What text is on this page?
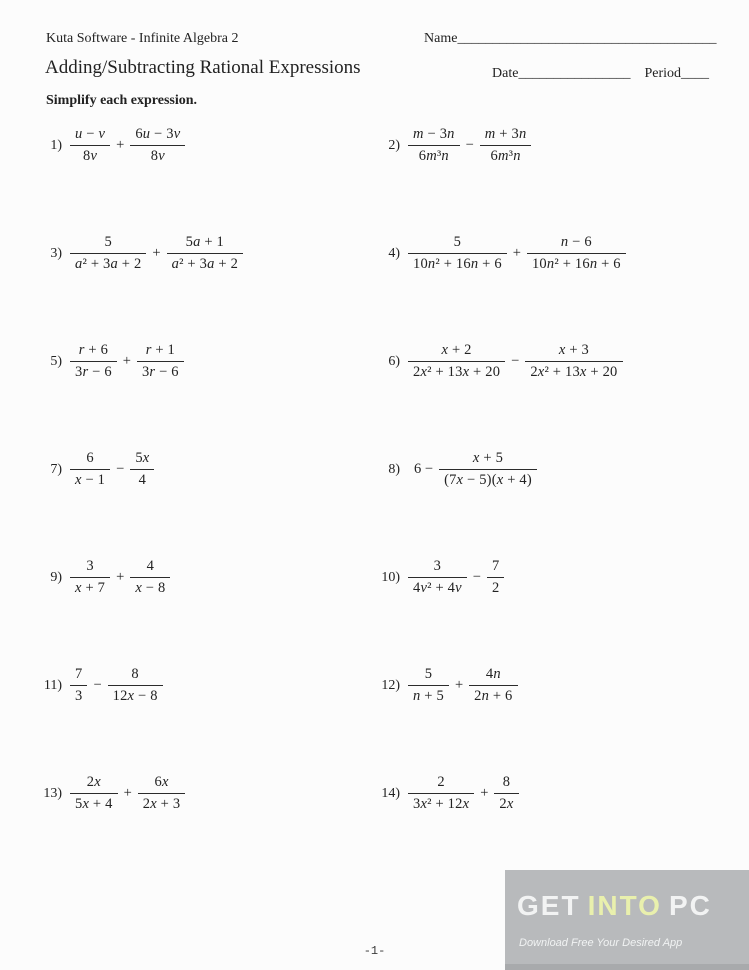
Kuta Software - Infinite Algebra 2	Name_____________________________________
Adding/Subtracting Rational Expressions	Date________________ Period____
Simplify each expression.
$1) \frac{u - v}{8v} + \frac{6u - 3v}{8v}$	$2) \frac{m - 3n}{\text{6m³n}} - \frac{m + 3n}{\text{6m³n}}$
$3) \frac{5}{\text{a² + 3a + 2}} + \frac{5a + 1}{\text{a² + 3a + 2}}$	$4) \frac{5}{\text{10n² + 16n + 6}} + \frac{n - 6}{\text{10n² + 16n + 6}}$
$5) \frac{r + 6}{3r - 6} + \frac{r + 1}{3r - 6}$	$6) \frac{x + 2}{\text{2x² + 13x + 20}} - \frac{x + 3}{\text{2x² + 13x + 20}}$
$7) \frac{6}{x - 1} - \frac{5x}{4}$	8) $6 - \frac{x + 5}{(7x - 5)(x + 4)}$
$9) \frac{3}{x + 7} + \frac{4}{x - 8}$	$10) \frac{3}{\text{4v² + 4v}} - \frac{7}{2}$
$11) \frac{7}{3} - \frac{8}{12x - 8}$	$12) \frac{5}{n + 5} + \frac{4n}{2n + 6}$
$13) \frac{2x}{5x + 4} + \frac{6x}{2x + 3}$	$14) \frac{2}{\text{3x² + 12x}} + \frac{8}{2x}$
-1-
GET INTO PC
Download Free Your Desired App
